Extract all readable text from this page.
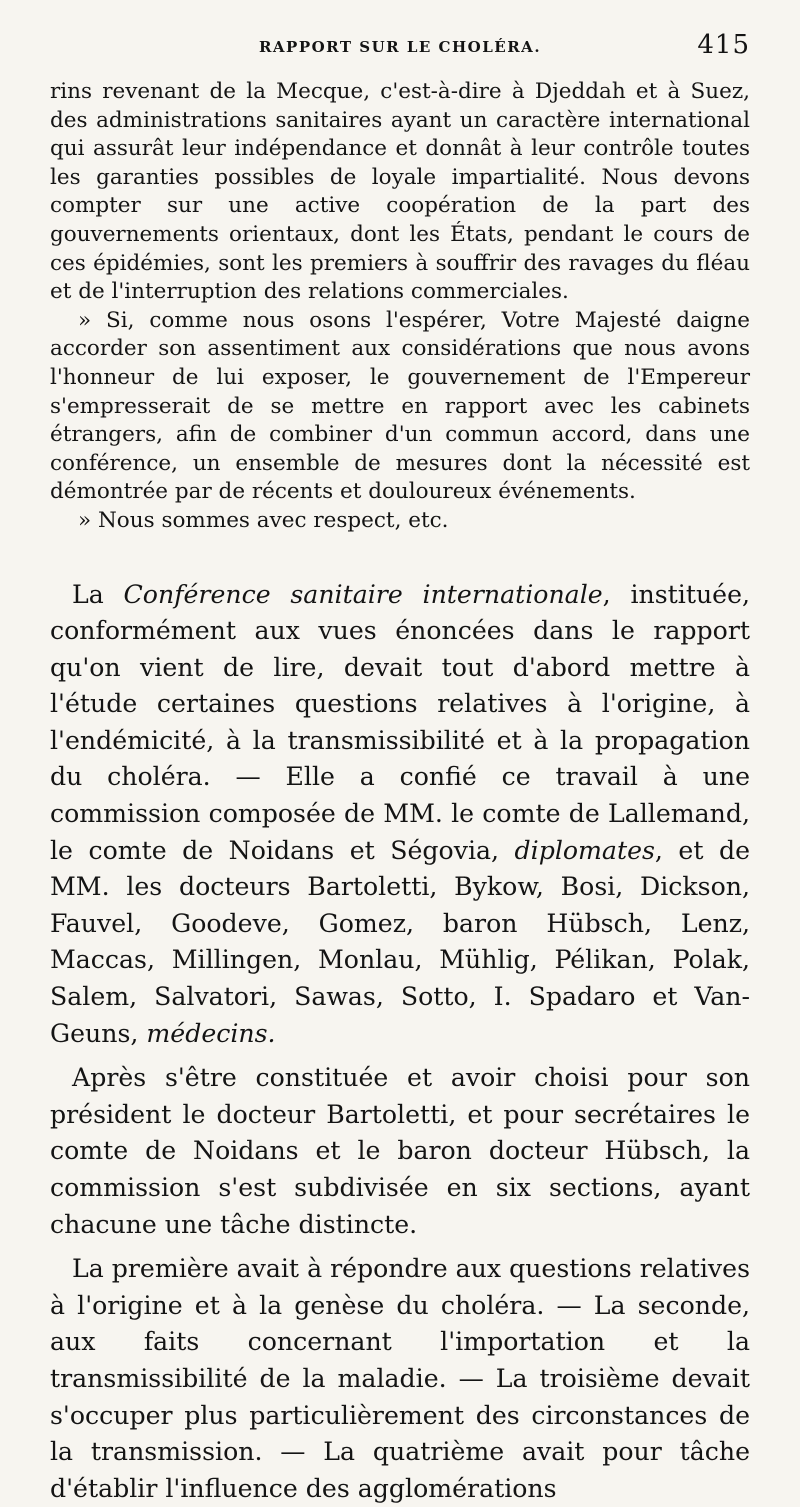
RAPPORT SUR LE CHOLÉRA.	415

rins revenant de la Mecque, c'est-à-dire à Djeddah et à Suez, des administrations sanitaires ayant un caractère international qui assurât leur indépendance et donnât à leur contrôle toutes les garanties possibles de loyale impartialité. Nous devons compter sur une active coopération de la part des gouvernements orientaux, dont les États, pendant le cours de ces épidémies, sont les premiers à souffrir des ravages du fléau et de l'interruption des relations commerciales.

» Si, comme nous osons l'espérer, Votre Majesté daigne accorder son assentiment aux considérations que nous avons l'honneur de lui exposer, le gouvernement de l'Empereur s'empresserait de se mettre en rapport avec les cabinets étrangers, afin de combiner d'un commun accord, dans une conférence, un ensemble de mesures dont la nécessité est démontrée par de récents et douloureux événements.

» Nous sommes avec respect, etc.

La Conférence sanitaire internationale, instituée, conformément aux vues énoncées dans le rapport qu'on vient de lire, devait tout d'abord mettre à l'étude certaines questions relatives à l'origine, à l'endémicité, à la transmissibilité et à la propagation du choléra. — Elle a confié ce travail à une commission composée de MM. le comte de Lallemand, le comte de Noidans et Ségovia, diplomates, et de MM. les docteurs Bartoletti, Bykow, Bosi, Dickson, Fauvel, Goodeve, Gomez, baron Hübsch, Lenz, Maccas, Millingen, Monlau, Mühlig, Pélikan, Polak, Salem, Salvatori, Sawas, Sotto, I. Spadaro et Van-Geuns, médecins.

Après s'être constituée et avoir choisi pour son président le docteur Bartoletti, et pour secrétaires le comte de Noidans et le baron docteur Hübsch, la commission s'est subdivisée en six sections, ayant chacune une tâche distincte.

La première avait à répondre aux questions relatives à l'origine et à la genèse du choléra. — La seconde, aux faits concernant l'importation et la transmissibilité de la maladie. — La troisième devait s'occuper plus particulièrement des circonstances de la transmission. — La quatrième avait pour tâche d'établir l'influence des agglomérations
